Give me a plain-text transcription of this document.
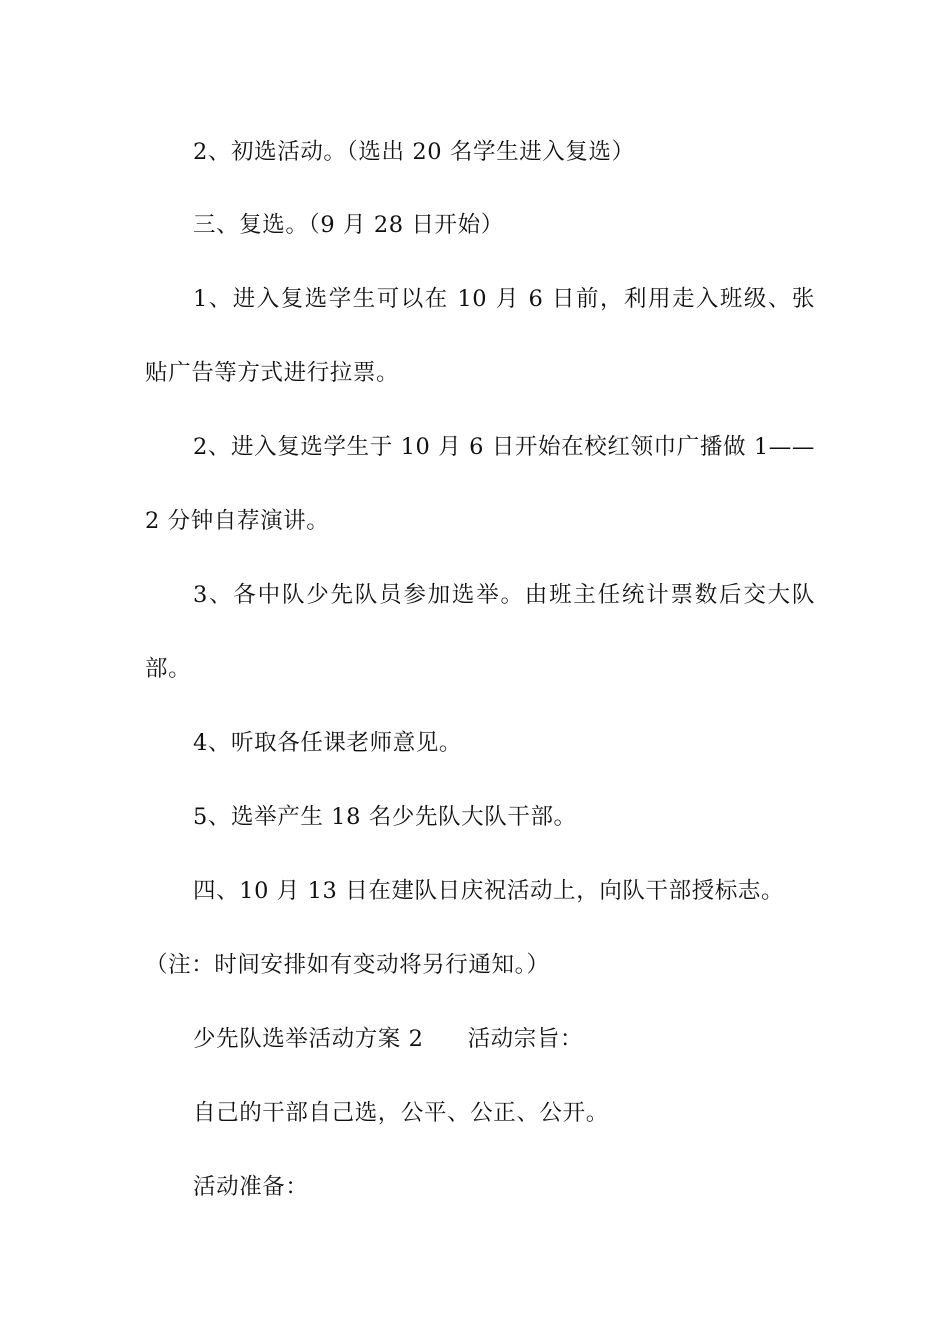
2、初选活动。（选出 20 名学生进入复选）
三、复选。（9 月 28 日开始）
1、进入复选学生可以在 10 月 6 日前，利用走入班级、张
贴广告等方式进行拉票。
2、进入复选学生于 10 月 6 日开始在校红领巾广播做 1——
2 分钟自荐演讲。
3、各中队少先队员参加选举。由班主任统计票数后交大队
部。
4、听取各任课老师意见。
5、选举产生 18 名少先队大队干部。
四、10 月 13 日在建队日庆祝活动上，向队干部授标志。
（注：时间安排如有变动将另行通知。）
少先队选举活动方案 2 活动宗旨：
自己的干部自己选，公平、公正、公开。
活动准备：
